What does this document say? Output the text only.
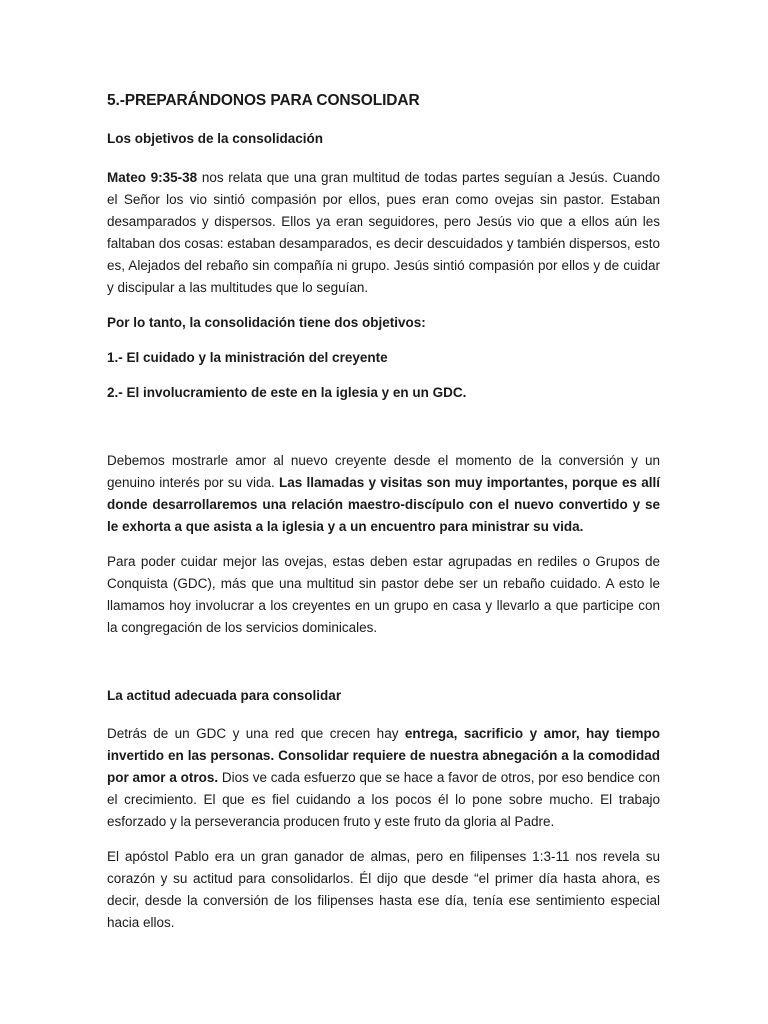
5.-PREPARÁNDONOS PARA CONSOLIDAR

Los objetivos de la consolidación

Mateo 9:35-38 nos relata que una gran multitud de todas partes seguían a Jesús. Cuando el Señor los vio sintió compasión por ellos, pues eran como ovejas sin pastor. Estaban desamparados y dispersos. Ellos ya eran seguidores, pero Jesús vio que a ellos aún les faltaban dos cosas: estaban desamparados, es decir descuidados y también dispersos, esto es, Alejados del rebaño sin compañía ni grupo. Jesús sintió compasión por ellos y de cuidar y discipular a las multitudes que lo seguían.

Por lo tanto, la consolidación tiene dos objetivos:

1.- El cuidado y la ministración del creyente

2.- El involucramiento de este en la iglesia y en un GDC.

Debemos mostrarle amor al nuevo creyente desde el momento de la conversión y un genuino interés por su vida. Las llamadas y visitas son muy importantes, porque es allí donde desarrollaremos una relación maestro-discípulo con el nuevo convertido y se le exhorta a que asista a la iglesia y a un encuentro para ministrar su vida.

Para poder cuidar mejor las ovejas, estas deben estar agrupadas en rediles o Grupos de Conquista (GDC), más que una multitud sin pastor debe ser un rebaño cuidado. A esto le llamamos hoy involucrar a los creyentes en un grupo en casa y llevarlo a que participe con la congregación de los servicios dominicales.

La actitud adecuada para consolidar

Detrás de un GDC y una red que crecen hay entrega, sacrificio y amor, hay tiempo invertido en las personas. Consolidar requiere de nuestra abnegación a la comodidad por amor a otros. Dios ve cada esfuerzo que se hace a favor de otros, por eso bendice con el crecimiento. El que es fiel cuidando a los pocos él lo pone sobre mucho. El trabajo esforzado y la perseverancia producen fruto y este fruto da gloria al Padre.

El apóstol Pablo era un gran ganador de almas, pero en filipenses 1:3-11 nos revela su corazón y su actitud para consolidarlos. Él dijo que desde “el primer día hasta ahora, es decir, desde la conversión de los filipenses hasta ese día, tenía ese sentimiento especial hacia ellos.
